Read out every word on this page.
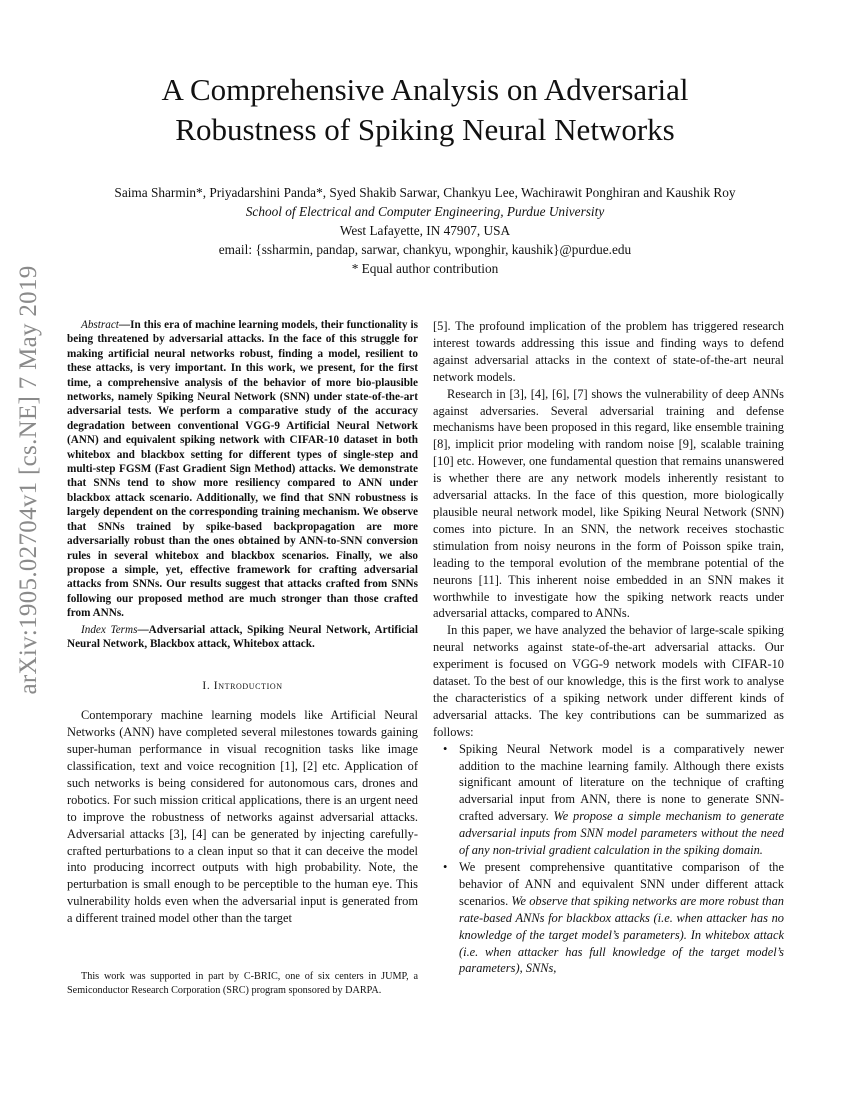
arXiv:1905.02704v1 [cs.NE] 7 May 2019
A Comprehensive Analysis on Adversarial
Robustness of Spiking Neural Networks
Saima Sharmin*, Priyadarshini Panda*, Syed Shakib Sarwar, Chankyu Lee, Wachirawit Ponghiran and Kaushik Roy
School of Electrical and Computer Engineering, Purdue University
West Lafayette, IN 47907, USA
email: {ssharmin, pandap, sarwar, chankyu, wponghir, kaushik}@purdue.edu
* Equal author contribution

Abstract—In this era of machine learning models, their functionality is being threatened by adversarial attacks. In the face of this struggle for making artificial neural networks robust, finding a model, resilient to these attacks, is very important. In this work, we present, for the first time, a comprehensive analysis of the behavior of more bio-plausible networks, namely Spiking Neural Network (SNN) under state-of-the-art adversarial tests. We perform a comparative study of the accuracy degradation between conventional VGG-9 Artificial Neural Network (ANN) and equivalent spiking network with CIFAR-10 dataset in both whitebox and blackbox setting for different types of single-step and multi-step FGSM (Fast Gradient Sign Method) attacks. We demonstrate that SNNs tend to show more resiliency compared to ANN under blackbox attack scenario. Additionally, we find that SNN robustness is largely dependent on the corresponding training mechanism. We observe that SNNs trained by spike-based backpropagation are more adversarially robust than the ones obtained by ANN-to-SNN conversion rules in several whitebox and blackbox scenarios. Finally, we also propose a simple, yet, effective framework for crafting adversarial attacks from SNNs. Our results suggest that attacks crafted from SNNs following our proposed method are much stronger than those crafted from ANNs.

Index Terms—Adversarial attack, Spiking Neural Network, Artificial Neural Network, Blackbox attack, Whitebox attack.

I. Introduction

Contemporary machine learning models like Artificial Neural Networks (ANN) have completed several milestones towards gaining super-human performance in visual recognition tasks like image classification, text and voice recognition [1], [2] etc. Application of such networks is being considered for autonomous cars, drones and robotics. For such mission critical applications, there is an urgent need to improve the robustness of networks against adversarial attacks. Adversarial attacks [3], [4] can be generated by injecting carefully-crafted perturbations to a clean input so that it can deceive the model into producing incorrect outputs with high probability. Note, the perturbation is small enough to be perceptible to the human eye. This vulnerability holds even when the adversarial input is generated from a different trained model other than the target

This work was supported in part by C-BRIC, one of six centers in JUMP, a Semiconductor Research Corporation (SRC) program sponsored by DARPA.

[5]. The profound implication of the problem has triggered research interest towards addressing this issue and finding ways to defend against adversarial attacks in the context of state-of-the-art neural network models.

Research in [3], [4], [6], [7] shows the vulnerability of deep ANNs against adversaries. Several adversarial training and defense mechanisms have been proposed in this regard, like ensemble training [8], implicit prior modeling with random noise [9], scalable training [10] etc. However, one fundamental question that remains unanswered is whether there are any network models inherently resistant to adversarial attacks. In the face of this question, more biologically plausible neural network model, like Spiking Neural Network (SNN) comes into picture. In an SNN, the network receives stochastic stimulation from noisy neurons in the form of Poisson spike train, leading to the temporal evolution of the membrane potential of the neurons [11]. This inherent noise embedded in an SNN makes it worthwhile to investigate how the spiking network reacts under adversarial attacks, compared to ANNs.

In this paper, we have analyzed the behavior of large-scale spiking neural networks against state-of-the-art adversarial attacks. Our experiment is focused on VGG-9 network models with CIFAR-10 dataset. To the best of our knowledge, this is the first work to analyse the characteristics of a spiking network under different kinds of adversarial attacks. The key contributions can be summarized as follows:

• Spiking Neural Network model is a comparatively newer addition to the machine learning family. Although there exists significant amount of literature on the technique of crafting adversarial input from ANN, there is none to generate SNN-crafted adversary. We propose a simple mechanism to generate adversarial inputs from SNN model parameters without the need of any non-trivial gradient calculation in the spiking domain.
• We present comprehensive quantitative comparison of the behavior of ANN and equivalent SNN under different attack scenarios. We observe that spiking networks are more robust than rate-based ANNs for blackbox attacks (i.e. when attacker has no knowledge of the target model’s parameters). In whitebox attack (i.e. when attacker has full knowledge of the target model’s parameters), SNNs,
